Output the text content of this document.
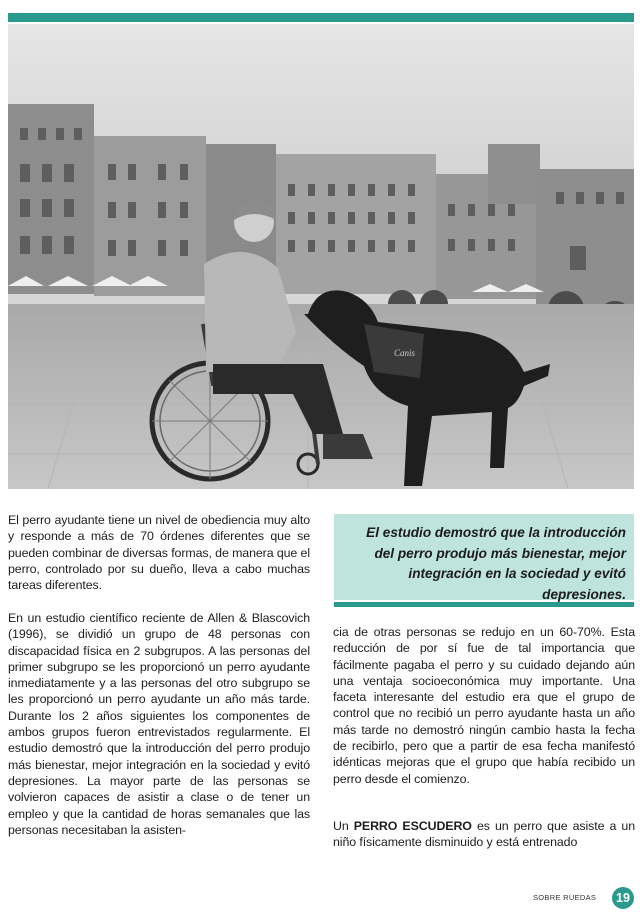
Canis

El perro ayudante tiene un nivel de obediencia muy alto y responde a más de 70 órdenes diferentes que se pueden combinar de diversas formas, de manera que el perro, controlado por su dueño, lleva a cabo muchas tareas diferentes.

En un estudio científico reciente de Allen & Blascovich (1996), se dividió un grupo de 48 personas con discapacidad física en 2 subgrupos. A las personas del primer subgrupo se les proporcionó un perro ayudante inmediatamente y a las personas del otro subgrupo se les proporcionó un perro ayudante un año más tarde. Durante los 2 años siguientes los componentes de ambos grupos fueron entrevistados regularmente. El estudio demostró que la introducción del perro produjo más bienestar, mejor integración en la sociedad y evitó depresiones. La mayor parte de las personas se volvieron capaces de asistir a clase o de tener un empleo y que la cantidad de horas semanales que las personas necesitaban la asisten-

El estudio demostró que la introducción del perro produjo más bienestar, mejor integración en la sociedad y evitó depresiones.

cia de otras personas se redujo en un 60-70%. Esta reducción de por sí fue de tal importancia que fácilmente pagaba el perro y su cuidado dejando aún una ventaja socioeconómica muy importante. Una faceta interesante del estudio era que el grupo de control que no recibió un perro ayudante hasta un año más tarde no demostró ningún cambio hasta la fecha de recibirlo, pero que a partir de esa fecha manifestó idénticas mejoras que el grupo que había recibido un perro desde el comienzo.

Un PERRO ESCUDERO es un perro que asiste a un niño físicamente disminuido y está entrenado

SOBRE RUEDAS	19
